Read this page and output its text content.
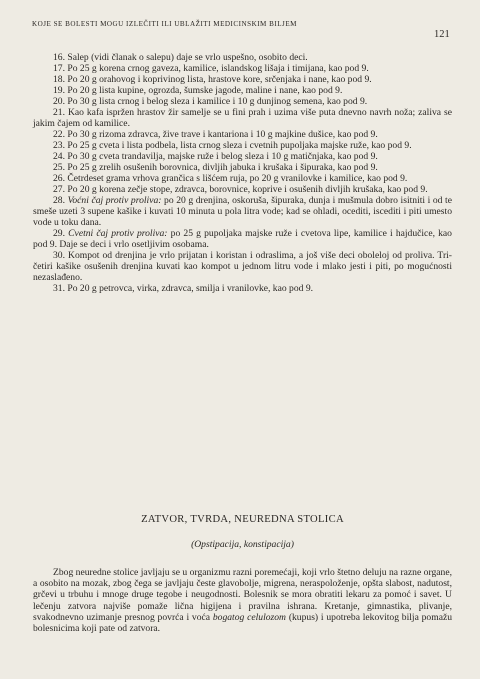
KOJE SE BOLESTI MOGU IZLEČITI ILI UBLAŽITI MEDICINSKIM BILJEM
121

16. Salep (vidi članak o salepu) daje se vrlo uspešno, osobito deci.

17. Po 25 g korena crnog gaveza, kamilice, islandskog lišaja i timijana, kao pod 9.

18. Po 20 g orahovog i koprivinog lista, hrastove kore, srčenjaka i nane, kao pod 9.

19. Po 20 g lista kupine, ogrozda, šumske jagode, maline i nane, kao pod 9.

20. Po 30 g lista crnog i belog sleza i kamilice i 10 g dunjinog semena, kao pod 9.

21. Kao kafa ispržen hrastov žir samelje se u fini prah i uzima više puta dnevno navrh noža; zaliva se jakim čajem od kamilice.

22. Po 30 g rizoma zdravca, žive trave i kantariona i 10 g majkine dušice, kao pod 9.

23. Po 25 g cveta i lista podbela, lista crnog sleza i cvetnih pupoljaka majske ruže, kao pod 9.

24. Po 30 g cveta trandavilja, majske ruže i belog sleza i 10 g matičnjaka, kao pod 9.

25. Po 25 g zrelih osušenih borovnica, divljih jabuka i krušaka i šipuraka, kao pod 9.

26. Četrdeset grama vrhova grančica s lišćem ruja, po 20 g vranilovke i kamilice, kao pod 9.

27. Po 20 g korena zečje stope, zdravca, borovnice, koprive i osušenih divljih krušaka, kao pod 9.

28. Voćni čaj protiv proliva: po 20 g drenjina, oskoruša, šipuraka, dunja i mušmula dobro isitniti i od te smeše uzeti 3 supene kašike i kuvati 10 minuta u pola litra vode; kad se ohladi, ocediti, iscediti i piti umesto vode u toku dana.

29. Cvetni čaj protiv proliva: po 25 g pupoljaka majske ruže i cvetova lipe, kamilice i hajdučice, kao pod 9. Daje se deci i vrlo osetljivim osobama.

30. Kompot od drenjina je vrlo prijatan i koristan i odraslima, a još više deci oboleloj od proliva. Tri-četiri kašike osušenih drenjina kuvati kao kompot u jednom litru vode i mlako jesti i piti, po mogućnosti nezaslađeno.

31. Po 20 g petrovca, virka, zdravca, smilja i vranilovke, kao pod 9.

ZATVOR, TVRDA, NEUREDNA STOLICA
(Opstipacija, konstipacija)

Zbog neuredne stolice javljaju se u organizmu razni poremećaji, koji vrlo štetno deluju na razne organe, a osobito na mozak, zbog čega se javljaju česte glavobolje, migrena, neraspoloženje, opšta slabost, nadutost, grčevi u trbuhu i mnoge druge tegobe i neugodnosti. Bolesnik se mora obratiti lekaru za pomoć i savet. U lečenju zatvora najviše pomaže lična higijena i pravilna ishrana. Kretanje, gimnastika, plivanje, svakodnevno uzimanje presnog povrća i voća bogatog celulozom (kupus) i upotreba lekovitog bilja pomažu bolesnicima koji pate od zatvora.
